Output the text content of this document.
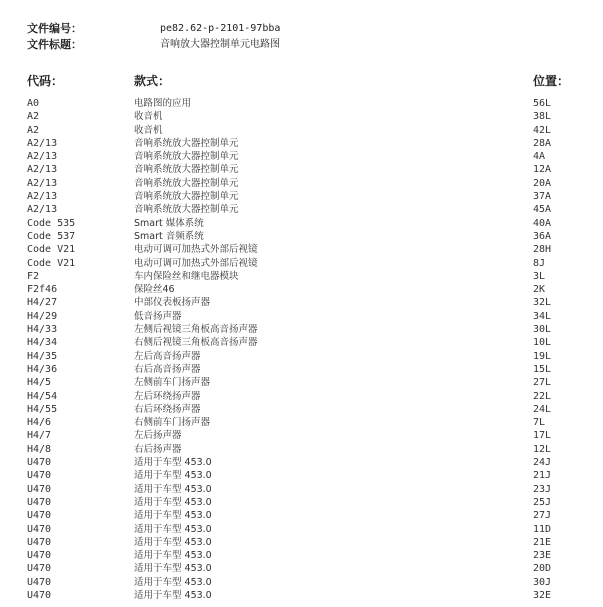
文件编号：	pe82.62-p-2101-97bba
文件标题：	音响放大器控制单元电路图
代码：	款式：	位置：
A0	电路图的应用	56L
A2	收音机	38L
A2	收音机	42L
A2/13	音响系统放大器控制单元	28A
A2/13	音响系统放大器控制单元	4A
A2/13	音响系统放大器控制单元	12A
A2/13	音响系统放大器控制单元	20A
A2/13	音响系统放大器控制单元	37A
A2/13	音响系统放大器控制单元	45A
Code 535	Smart 媒体系统	40A
Code 537	Smart 音频系统	36A
Code V21	电动可调可加热式外部后视镜	28H
Code V21	电动可调可加热式外部后视镜	8J
F2	车内保险丝和继电器模块	3L
F2f46	保险丝46	2K
H4/27	中部仪表板扬声器	32L
H4/29	低音扬声器	34L
H4/33	左侧后视镜三角板高音扬声器	30L
H4/34	右侧后视镜三角板高音扬声器	10L
H4/35	左后高音扬声器	19L
H4/36	右后高音扬声器	15L
H4/5	左侧前车门扬声器	27L
H4/54	左后环绕扬声器	22L
H4/55	右后环绕扬声器	24L
H4/6	右侧前车门扬声器	7L
H4/7	左后扬声器	17L
H4/8	右后扬声器	12L
U470	适用于车型 453.0	24J
U470	适用于车型 453.0	21J
U470	适用于车型 453.0	23J
U470	适用于车型 453.0	25J
U470	适用于车型 453.0	27J
U470	适用于车型 453.0	11D
U470	适用于车型 453.0	21E
U470	适用于车型 453.0	23E
U470	适用于车型 453.0	20D
U470	适用于车型 453.0	30J
U470	适用于车型 453.0	32E
